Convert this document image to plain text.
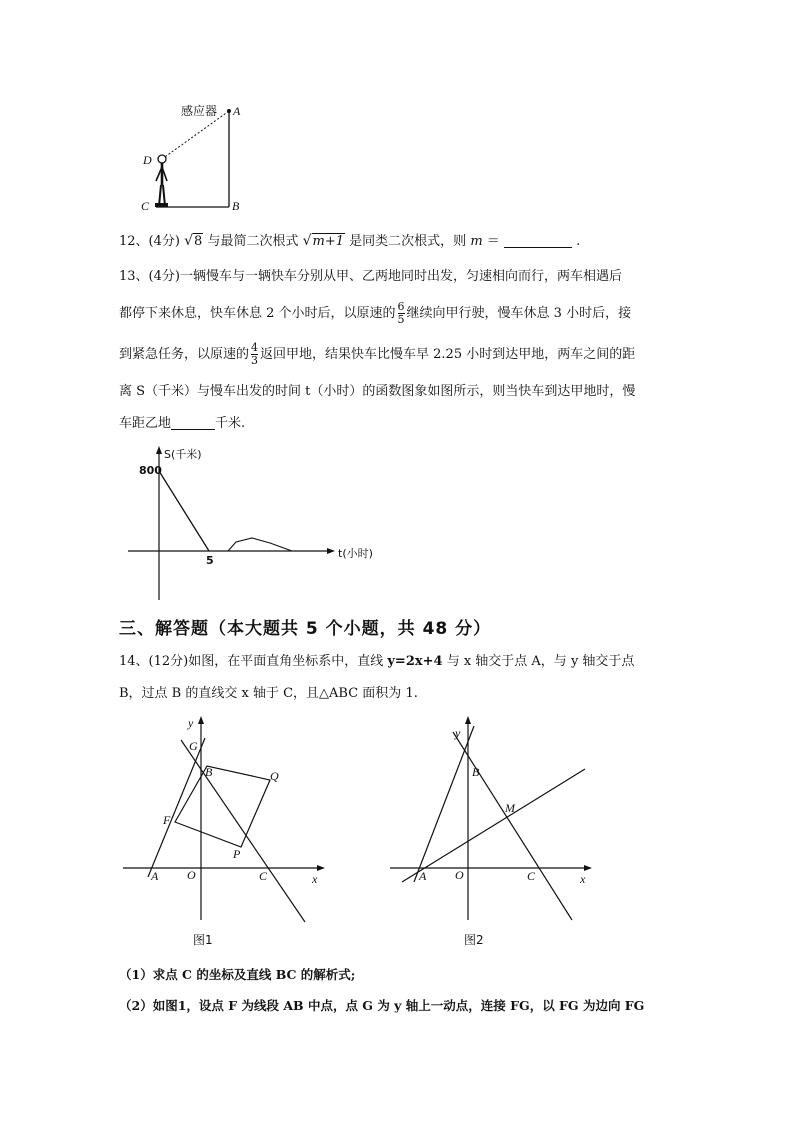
感应器 A
D
C	B
12、(4分) √8 与最简二次根式 √m+1 是同类二次根式，则 m ＝	.
13、(4分)一辆慢车与一辆快车分别从甲、乙两地同时出发，匀速相向而行，两车相遇后
都停下来休息，快车休息 2 个小时后，以原速的 $\frac{6}{5}$ 继续向甲行驶，慢车休息 3 小时后，接
到紧急任务，以原速的 $\frac{4}{3}$ 返回甲地，结果快车比慢车早 2.25 小时到达甲地，两车之间的距
离 S（千米）与慢车出发的时间 t（小时）的函数图象如图所示，则当快车到达甲地时，慢
车距乙地	千米.
S(千米)
800
5
t(小时)
三、解答题（本大题共 5 个小题，共 48 分）
14、(12分)如图，在平面直角坐标系中，直线 y=2x+4 与 x 轴交于点 A，与 y 轴交于点
B，过点 B 的直线交 x 轴于 C，且△ABC 面积为 1.
y
G
B	Q
F
P
A O	C	x
图1
y
B
M
A O	C	x
图2
（1）求点 C 的坐标及直线 BC 的解析式;
（2）如图1，设点 F 为线段 AB 中点，点 G 为 y 轴上一动点，连接 FG，以 FG 为边向 FG
